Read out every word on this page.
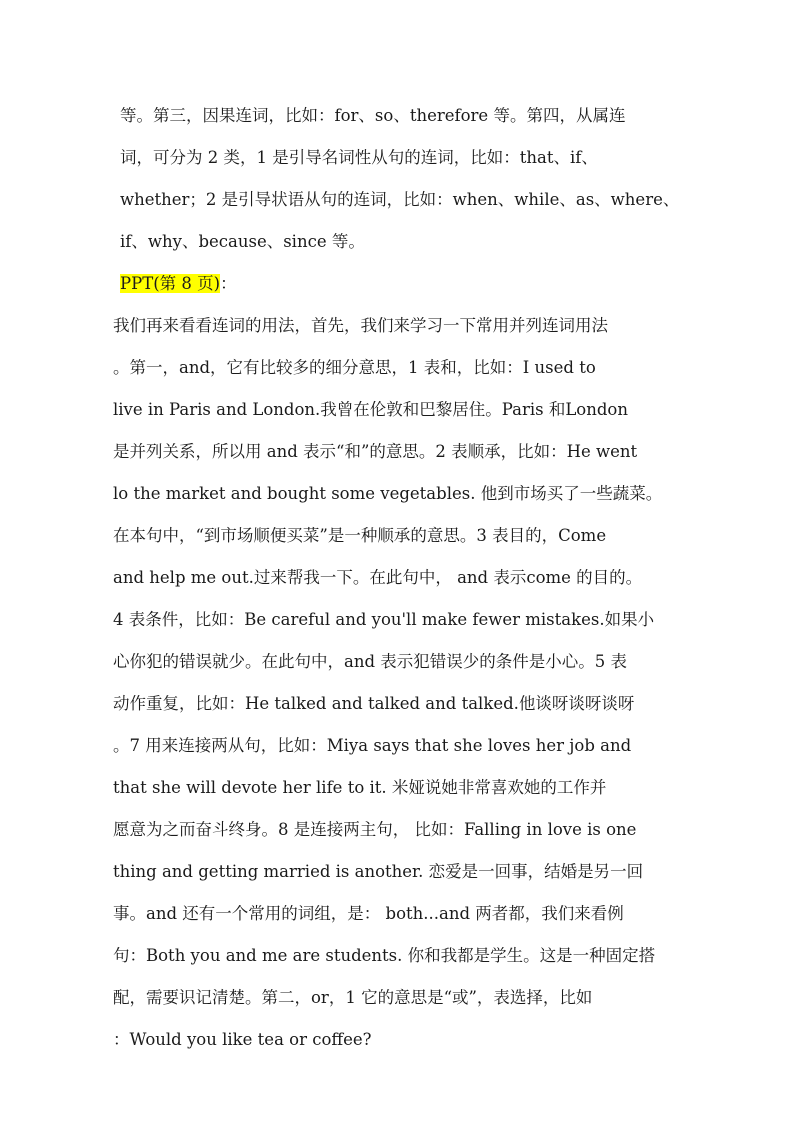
等。第三，因果连词，比如：for、so、therefore 等。第四，从属连
词，可分为 2 类，1 是引导名词性从句的连词，比如：that、if、
whether；2 是引导状语从句的连词，比如：when、while、as、where、
if、why、because、since 等。
PPT(第 8 页)：
我们再来看看连词的用法，首先，我们来学习一下常用并列连词用法
。第一，and，它有比较多的细分意思，1 表和，比如：I used to
live in Paris and London.我曾在伦敦和巴黎居住。Paris 和London
是并列关系，所以用 and 表示“和”的意思。2 表顺承，比如：He went
lo the market and bought some vegetables. 他到市场买了一些蔬菜。
在本句中，“到市场顺便买菜”是一种顺承的意思。3 表目的，Come
and help me out.过来帮我一下。在此句中， and 表示come 的目的。
4 表条件，比如：Be careful and you'll make fewer mistakes.如果小
心你犯的错误就少。在此句中，and 表示犯错误少的条件是小心。5 表
动作重复，比如：He talked and talked and talked.他谈呀谈呀谈呀
。7 用来连接两从句，比如：Miya says that she loves her job and
that she will devote her life to it. 米娅说她非常喜欢她的工作并
愿意为之而奋斗终身。8 是连接两主句， 比如：Falling in love is one
thing and getting married is another. 恋爱是一回事，结婚是另一回
事。and 还有一个常用的词组，是： both...and 两者都，我们来看例
句：Both you and me are students. 你和我都是学生。这是一种固定搭
配，需要识记清楚。第二，or，1 它的意思是“或”，表选择，比如
：Would you like tea or coffee?
